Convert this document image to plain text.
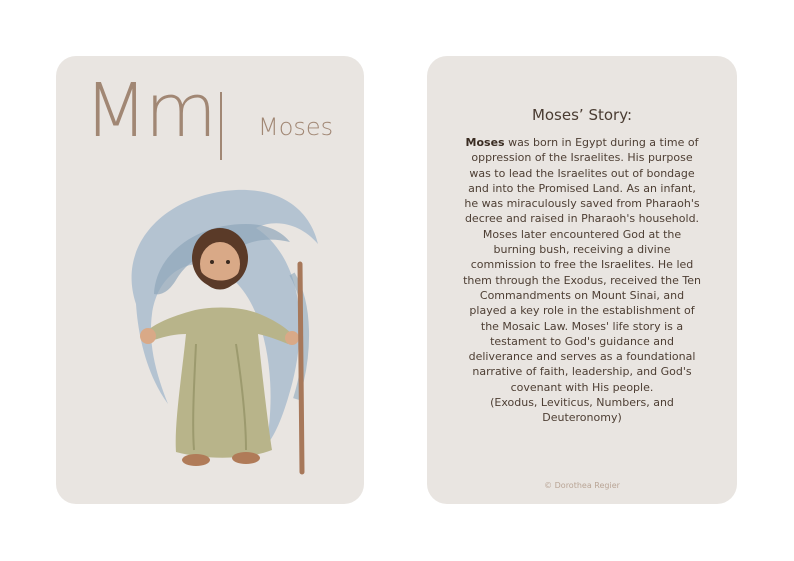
Mm Moses	Moses’ Story:

Moses was born in Egypt during a time of oppression of the Israelites. His purpose was to lead the Israelites out of bondage and into the Promised Land. As an infant, he was miraculously saved from Pharaoh's decree and raised in Pharaoh's household.

Moses later encountered God at the burning bush, receiving a divine commission to free the Israelites. He led them through the Exodus, received the Ten Commandments on Mount Sinai, and played a key role in the establishment of the Mosaic Law. Moses' life story is a testament to God's guidance and deliverance and serves as a foundational narrative of faith, leadership, and God's covenant with His people.

(Exodus, Leviticus, Numbers, and Deuteronomy)

© Dorothea Regier
